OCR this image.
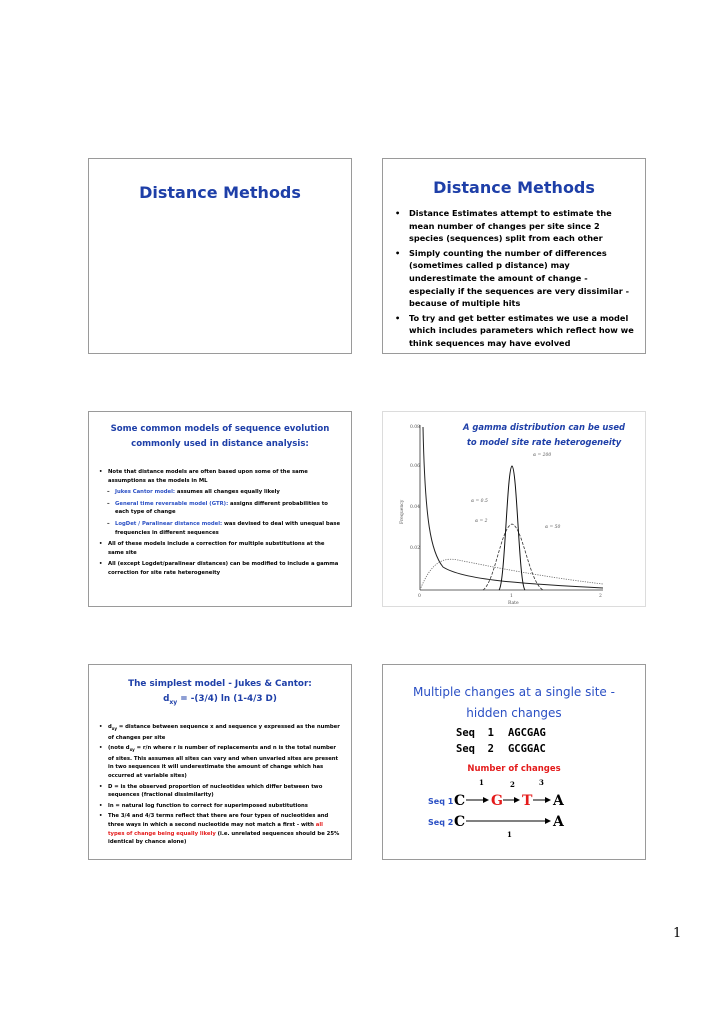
Distance Methods	Distance Methods
• Distance Estimates attempt to estimate the mean number of changes per site since 2 species (sequences) split from each other
• Simply counting the number of differences (sometimes called p distance) may underestimate the amount of change - especially if the sequences are very dissimilar - because of multiple hits
• To try and get better estimates we use a model which includes parameters which reflect how we think sequences may have evolved
Some common models of sequence evolution
commonly used in distance analysis:
• Note that distance models are often based upon some of the same assumptions as the models in ML
– Jukes Cantor model: assumes all changes equally likely
– General time reversable model (GTR): assigns different probabilities to each type of change
– LogDet / Paralinear distance model: was devised to deal with unequal base frequencies in different sequences
• All of these models include a correction for multiple substitutions at the same site
• All (except Logdet/paralinear distances) can be modified to include a gamma correction for site rate heterogeneity
A gamma distribution can be used
to model site rate heterogeneity
0.08
0.06
0.04
0.02
0	1	2
Rate
Frequency
α = 200
α = 0.5
α = 2
α = 50
The simplest model - Jukes & Cantor:
$d_{xy} = -(3/4)$ ln (1-4/3 D)
• $d_{xy}$ = distance between sequence x and sequence y expressed as the number of changes per site
• (note $d_{xy} = r/n$ where r is number of replacements and n is the total number of sites. This assumes all sites can vary and when unvaried sites are present in two sequences it will underestimate the amount of change which has occurred at variable sites)
• D = is the observed proportion of nucleotides which differ between two sequences (fractional dissimilarity)
• ln = natural log function to correct for superimposed substitutions
• The 3/4 and 4/3 terms reflect that there are four types of nucleotides and three ways in which a second nucleotide may not match a first - with all types of change being equally likely (i.e. unrelated sequences should be 25% identical by chance alone)
Multiple changes at a single site -
hidden changes
Seq  1 AGCGAG
Seq  2 GCGGAC
Number of changes
1	2	3
Seq 1 C G T A
Seq 2 C	A
1
1
